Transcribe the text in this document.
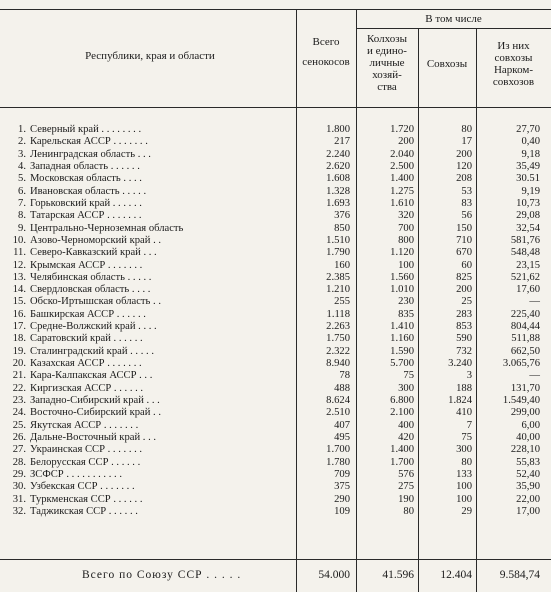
Республики, края и области
Всего
сенокосов
В том числе
Колхозы
и едино-
личные
хозяй-
ства
Совхозы
Из них
совхозы
Нарком-
совхозов
1. Северный край . . . . . . . .	1.800	1.720	80	27,70
2. Карельская АССР . . . . . . .	217	200	17	0,40
3. Ленинградская область . . .	2.240	2.040	200	9,18
4. Западная область . . . . . .	2.620	2.500	120	35,49
5. Московская область . . . .	1.608	1.400	208	30.51
6. Ивановская область . . . . .	1.328	1.275	53	9,19
7. Горьковский край . . . . . .	1.693	1.610	83	10,73
8. Татарская АССР . . . . . . .	376	320	56	29,08
9. Центрально-Черноземная область	850	700	150	32,54
10. Азово-Черноморский край . .	1.510	800	710	581,76
11. Северо-Кавказский край . . .	1.790	1.120	670	548,48
12. Крымская АССР . . . . . . .	160	100	60	23,15
13. Челябинская область . . . . .	2.385	1.560	825	521,62
14. Свердловская область . . . .	1.210	1.010	200	17,60
15. Обско-Иртышская область . .	255	230	25	—
16. Башкирская АССР . . . . . .	1.118	835	283	225,40
17. Средне-Волжский край . . . .	2.263	1.410	853	804,44
18. Саратовский край . . . . . .	1.750	1.160	590	511,88
19. Сталинградский край . . . . .	2.322	1.590	732	662,50
20. Казахская АССР . . . . . . .	8.940	5.700	3.240	3.065,76
21. Кара-Калпакская АССР . . .	78	75	3	—
22. Киргизская АССР . . . . . .	488	300	188	131,70
23. Западно-Сибирский край . . .	8.624	6.800	1.824	1.549,40
24. Восточно-Сибирский край . .	2.510	2.100	410	299,00
25. Якутская АССР . . . . . . .	407	400	7	6,00
26. Дальне-Восточный край . . .	495	420	75	40,00
27. Украинская ССР . . . . . . .	1.700	1.400	300	228,10
28. Белорусская ССР . . . . . .	1.780	1.700	80	55,83
29. ЗСФСР . . . . . . . . . . .	709	576	133	52,40
30. Узбекская ССР . . . . . . .	375	275	100	35,90
31. Туркменская ССР . . . . . .	290	190	100	22,00
32. Таджикская ССР . . . . . .	109	80	29	17,00
Всего по Союзу ССР . . . . .	54.000	41.596	12.404	9.584,74
